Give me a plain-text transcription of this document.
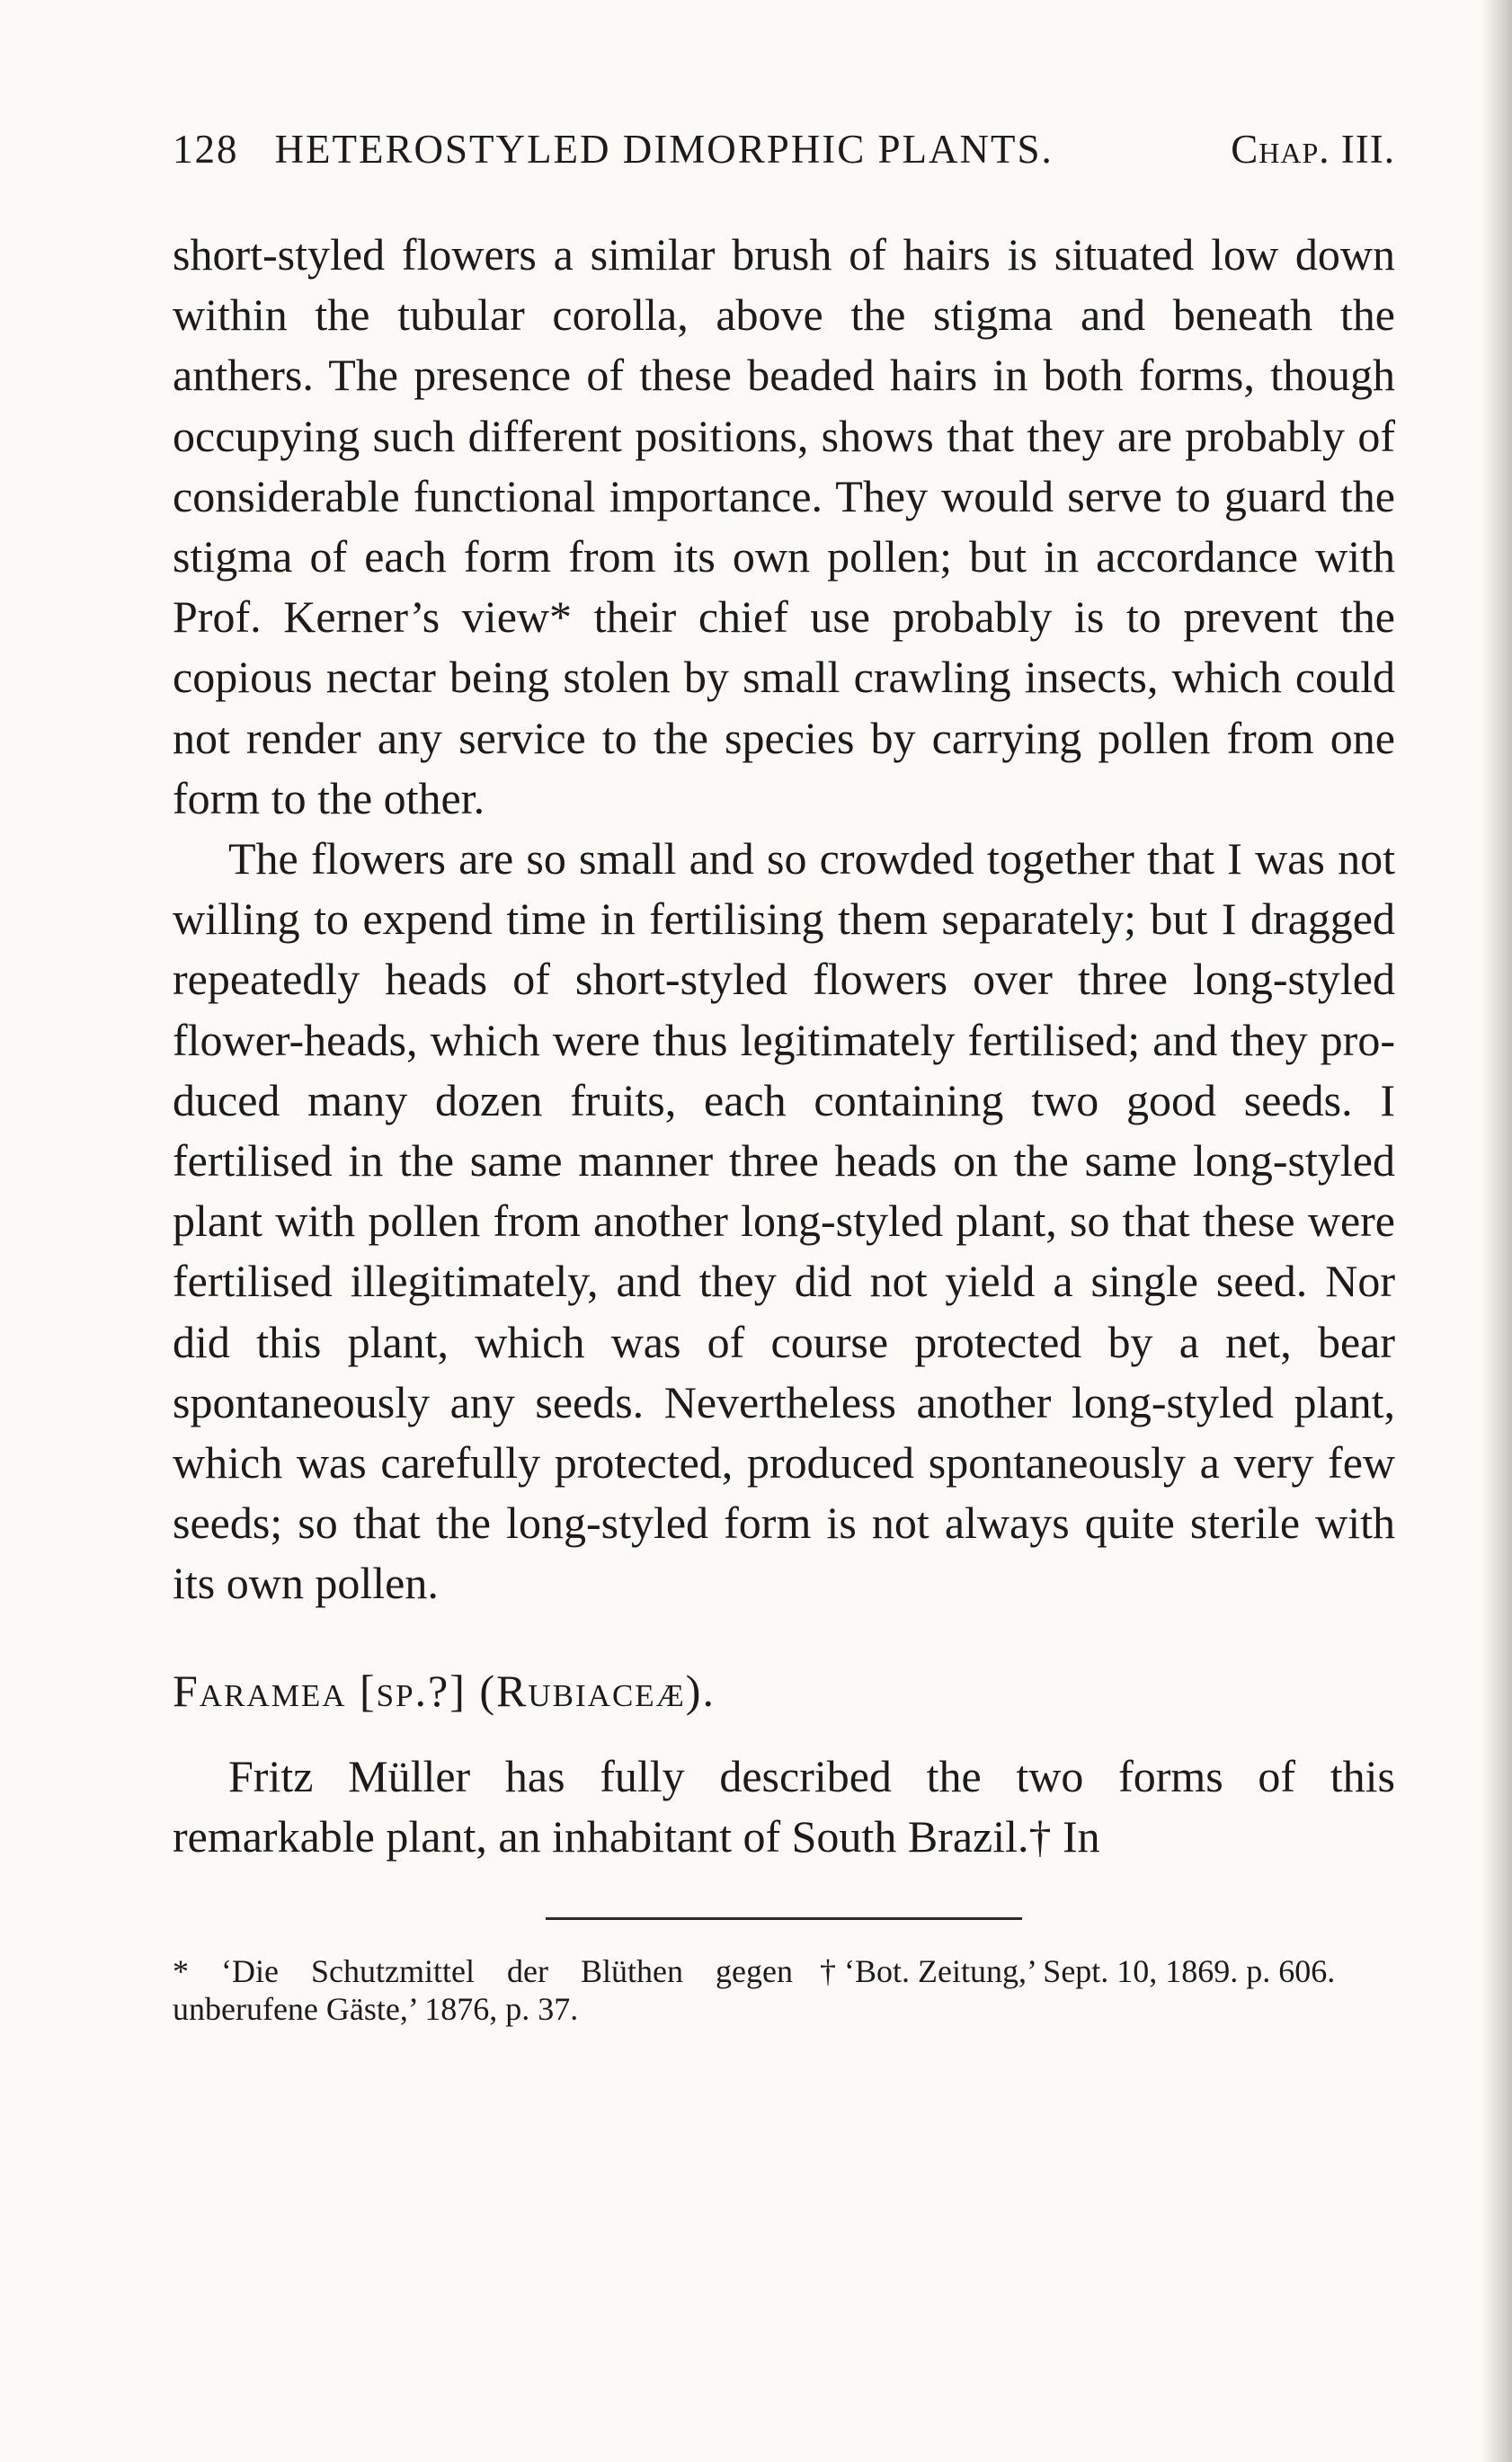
128 HETEROSTYLED DIMORPHIC PLANTS.	Chap. III.

short-styled flowers a similar brush of hairs is situated low down within the tubular corolla, above the stigma and beneath the anthers. The presence of these beaded hairs in both forms, though occupying such different positions, shows that they are probably of considerable functional importance. They would serve to guard the stigma of each form from its own pollen; but in accordance with Prof. Kerner’s view* their chief use probably is to prevent the copious nectar being stolen by small crawling insects, which could not render any service to the species by carrying pollen from one form to the other.

The flowers are so small and so crowded together that I was not willing to expend time in fertilising them separately; but I dragged repeatedly heads of short-styled flowers over three long-styled flower-heads, which were thus legitimately fertilised; and they produced many dozen fruits, each containing two good seeds. I fertilised in the same manner three heads on the same long-styled plant with pollen from another long-styled plant, so that these were fertilised illegitimately, and they did not yield a single seed. Nor did this plant, which was of course protected by a net, bear spontaneously any seeds. Nevertheless another long-styled plant, which was carefully protected, produced spontaneously a very few seeds; so that the long-styled form is not always quite sterile with its own pollen.

Faramea [sp.?] (Rubiaceæ).

Fritz Müller has fully described the two forms of this remarkable plant, an inhabitant of South Brazil.† In

* ‘Die Schutzmittel der Blüthen gegen unberufene Gäste,’ 1876, p. 37.

† ‘Bot. Zeitung,’ Sept. 10, 1869. p. 606.
